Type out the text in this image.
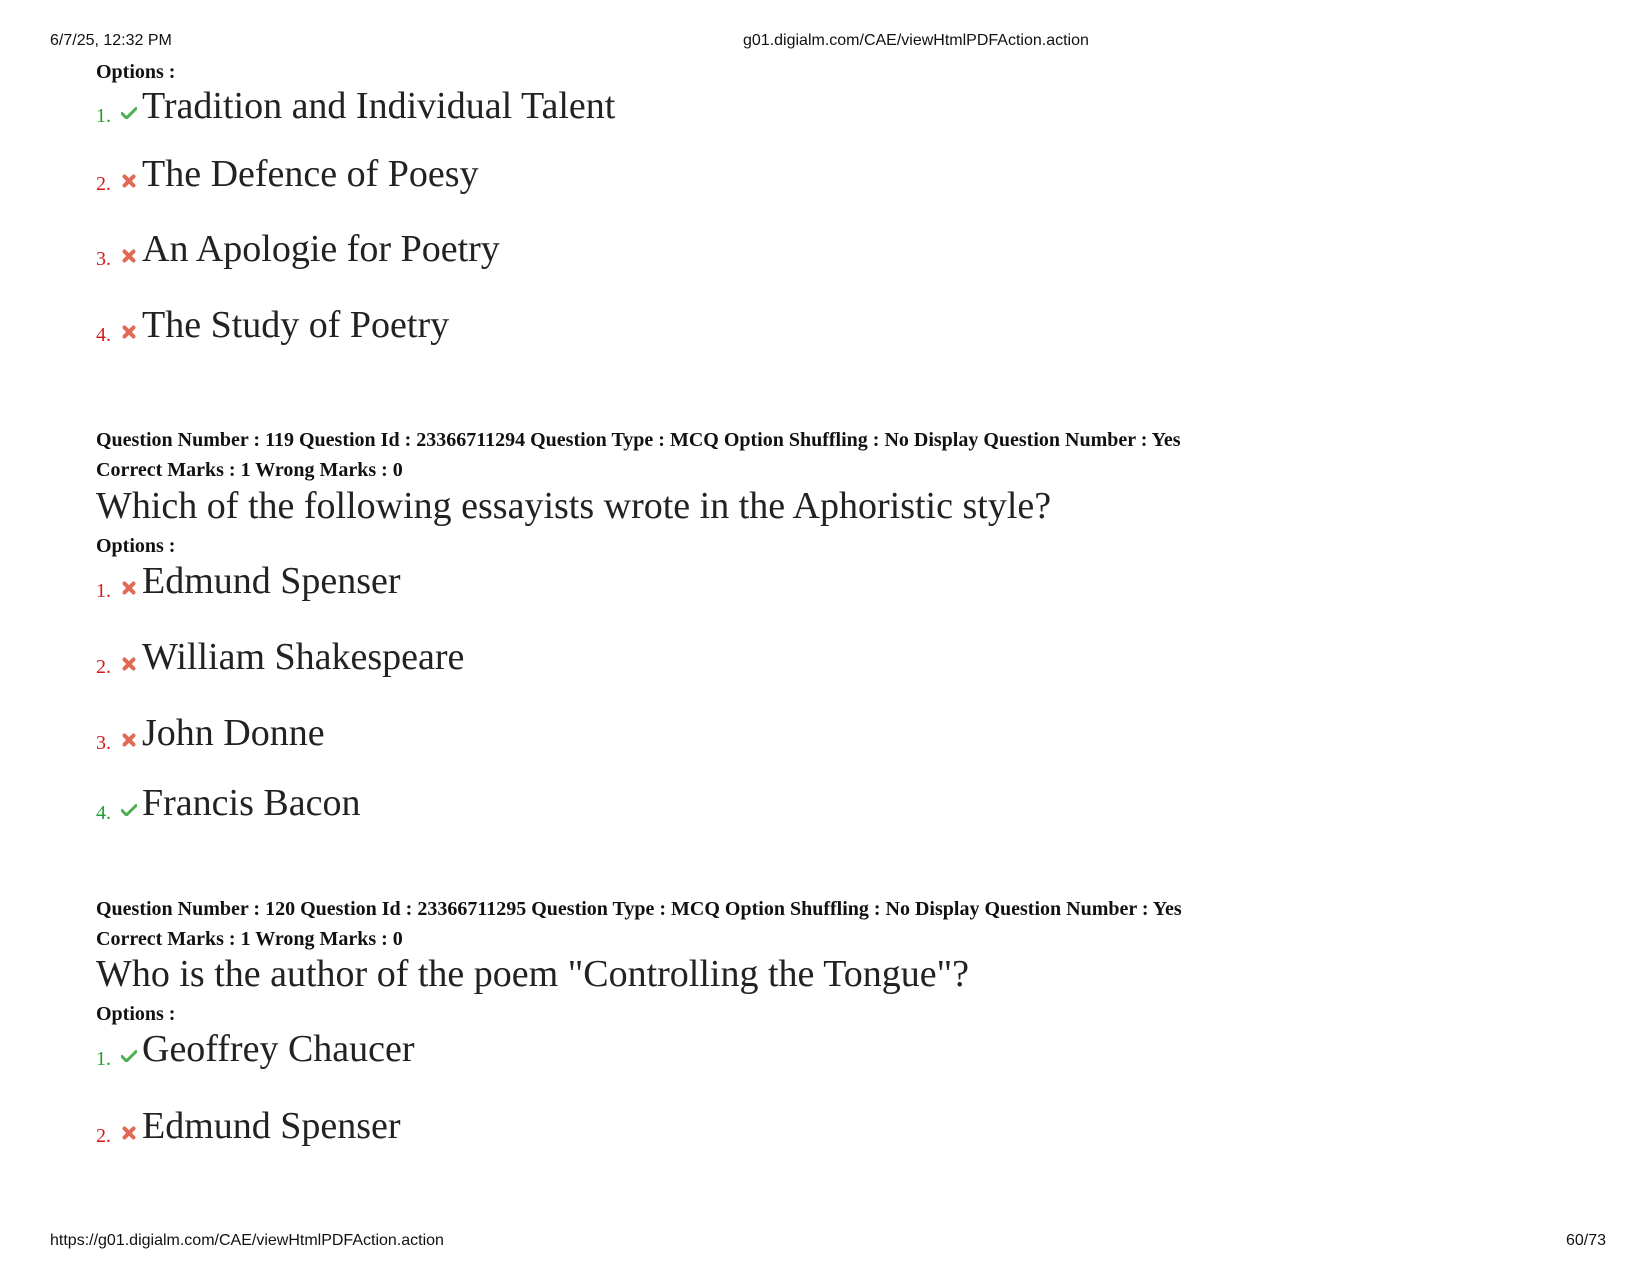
6/7/25, 12:32 PM	g01.digialm.com/CAE/viewHtmlPDFAction.action
Options :
1. Tradition and Individual Talent
2. The Defence of Poesy
3. An Apologie for Poetry
4. The Study of Poetry
Question Number : 119 Question Id : 23366711294 Question Type : MCQ Option Shuffling : No Display Question Number : Yes
Correct Marks : 1 Wrong Marks : 0
Which of the following essayists wrote in the Aphoristic style?
Options :
1. Edmund Spenser
2. William Shakespeare
3. John Donne
4. Francis Bacon
Question Number : 120 Question Id : 23366711295 Question Type : MCQ Option Shuffling : No Display Question Number : Yes
Correct Marks : 1 Wrong Marks : 0
Who is the author of the poem "Controlling the Tongue"?
Options :
1. Geoffrey Chaucer
2. Edmund Spenser
https://g01.digialm.com/CAE/viewHtmlPDFAction.action	60/73
